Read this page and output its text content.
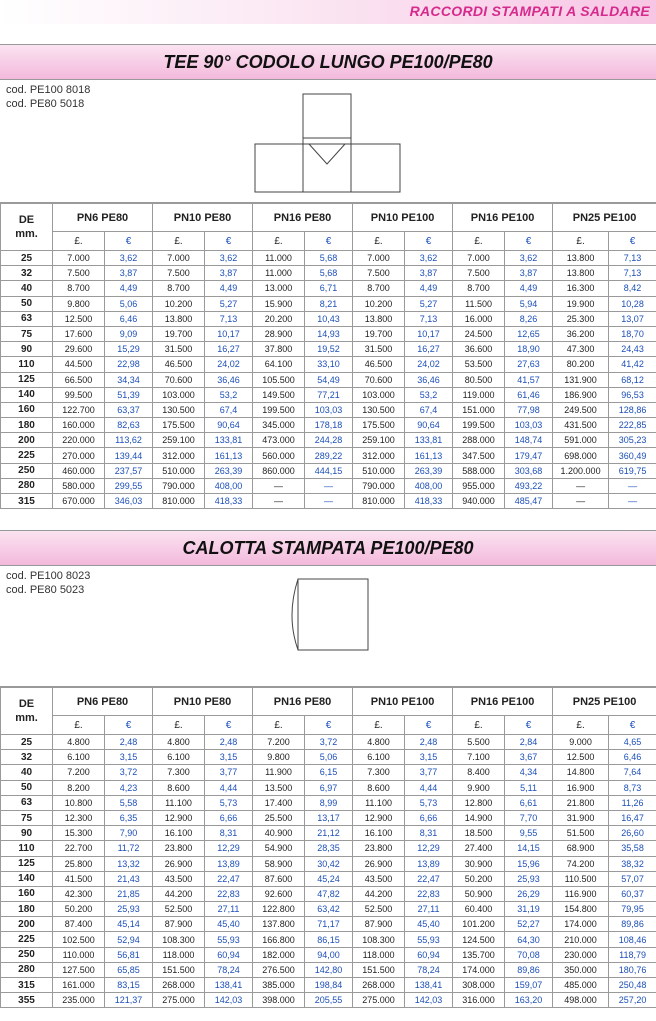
RACCORDI STAMPATI A SALDARE
TEE 90° CODOLO LUNGO PE100/PE80
cod. PE100 8018
cod. PE80 5018
DE
mm.	PN6 PE80		PN10 PE80		PN16 PE80		PN10 PE100		PN16 PE100		PN25 PE100	
	£.	€	£.	€	£.	€	£.	€	£.	€	£.	€
25	7.000	3,62	7.000	3,62	11.000	5,68	7.000	3,62	7.000	3,62	13.800	7,13
32	7.500	3,87	7.500	3,87	11.000	5,68	7.500	3,87	7.500	3,87	13.800	7,13
40	8.700	4,49	8.700	4,49	13.000	6,71	8.700	4,49	8.700	4,49	16.300	8,42
50	9.800	5,06	10.200	5,27	15.900	8,21	10.200	5,27	11.500	5,94	19.900	10,28
63	12.500	6,46	13.800	7,13	20.200	10,43	13.800	7,13	16.000	8,26	25.300	13,07
75	17.600	9,09	19.700	10,17	28.900	14,93	19.700	10,17	24.500	12,65	36.200	18,70
90	29.600	15,29	31.500	16,27	37.800	19,52	31.500	16,27	36.600	18,90	47.300	24,43
110	44.500	22,98	46.500	24,02	64.100	33,10	46.500	24,02	53.500	27,63	80.200	41,42
125	66.500	34,34	70.600	36,46	105.500	54,49	70.600	36,46	80.500	41,57	131.900	68,12
140	99.500	51,39	103.000	53,2	149.500	77,21	103.000	53,2	119.000	61,46	186.900	96,53
160	122.700	63,37	130.500	67,4	199.500	103,03	130.500	67,4	151.000	77,98	249.500	128,86
180	160.000	82,63	175.500	90,64	345.000	178,18	175.500	90,64	199.500	103,03	431.500	222,85
200	220.000	113,62	259.100	133,81	473.000	244,28	259.100	133,81	288.000	148,74	591.000	305,23
225	270.000	139,44	312.000	161,13	560.000	289,22	312.000	161,13	347.500	179,47	698.000	360,49
250	460.000	237,57	510.000	263,39	860.000	444,15	510.000	263,39	588.000	303,68	1.200.000	619,75
280	580.000	299,55	790.000	408,00	—	—	790.000	408,00	955.000	493,22	—	—
315	670.000	346,03	810.000	418,33	—	—	810.000	418,33	940.000	485,47	—	—
CALOTTA STAMPATA PE100/PE80
cod. PE100 8023
cod. PE80 5023
DE
mm.	PN6 PE80		PN10 PE80		PN16 PE80		PN10 PE100		PN16 PE100		PN25 PE100	
	£.	€	£.	€	£.	€	£.	€	£.	€	£.	€
25	4.800	2,48	4.800	2,48	7.200	3,72	4.800	2,48	5.500	2,84	9.000	4,65
32	6.100	3,15	6.100	3,15	9.800	5,06	6.100	3,15	7.100	3,67	12.500	6,46
40	7.200	3,72	7.300	3,77	11.900	6,15	7.300	3,77	8.400	4,34	14.800	7,64
50	8.200	4,23	8.600	4,44	13.500	6,97	8.600	4,44	9.900	5,11	16.900	8,73
63	10.800	5,58	11.100	5,73	17.400	8,99	11.100	5,73	12.800	6,61	21.800	11,26
75	12.300	6,35	12.900	6,66	25.500	13,17	12.900	6,66	14.900	7,70	31.900	16,47
90	15.300	7,90	16.100	8,31	40.900	21,12	16.100	8,31	18.500	9,55	51.500	26,60
110	22.700	11,72	23.800	12,29	54.900	28,35	23.800	12,29	27.400	14,15	68.900	35,58
125	25.800	13,32	26.900	13,89	58.900	30,42	26.900	13,89	30.900	15,96	74.200	38,32
140	41.500	21,43	43.500	22,47	87.600	45,24	43.500	22,47	50.200	25,93	110.500	57,07
160	42.300	21,85	44.200	22,83	92.600	47,82	44.200	22,83	50.900	26,29	116.900	60,37
180	50.200	25,93	52.500	27,11	122.800	63,42	52.500	27,11	60.400	31,19	154.800	79,95
200	87.400	45,14	87.900	45,40	137.800	71,17	87.900	45,40	101.200	52,27	174.000	89,86
225	102.500	52,94	108.300	55,93	166.800	86,15	108.300	55,93	124.500	64,30	210.000	108,46
250	110.000	56,81	118.000	60,94	182.000	94,00	118.000	60,94	135.700	70,08	230.000	118,79
280	127.500	65,85	151.500	78,24	276.500	142,80	151.500	78,24	174.000	89,86	350.000	180,76
315	161.000	83,15	268.000	138,41	385.000	198,84	268.000	138,41	308.000	159,07	485.000	250,48
355	235.000	121,37	275.000	142,03	398.000	205,55	275.000	142,03	316.000	163,20	498.000	257,20
